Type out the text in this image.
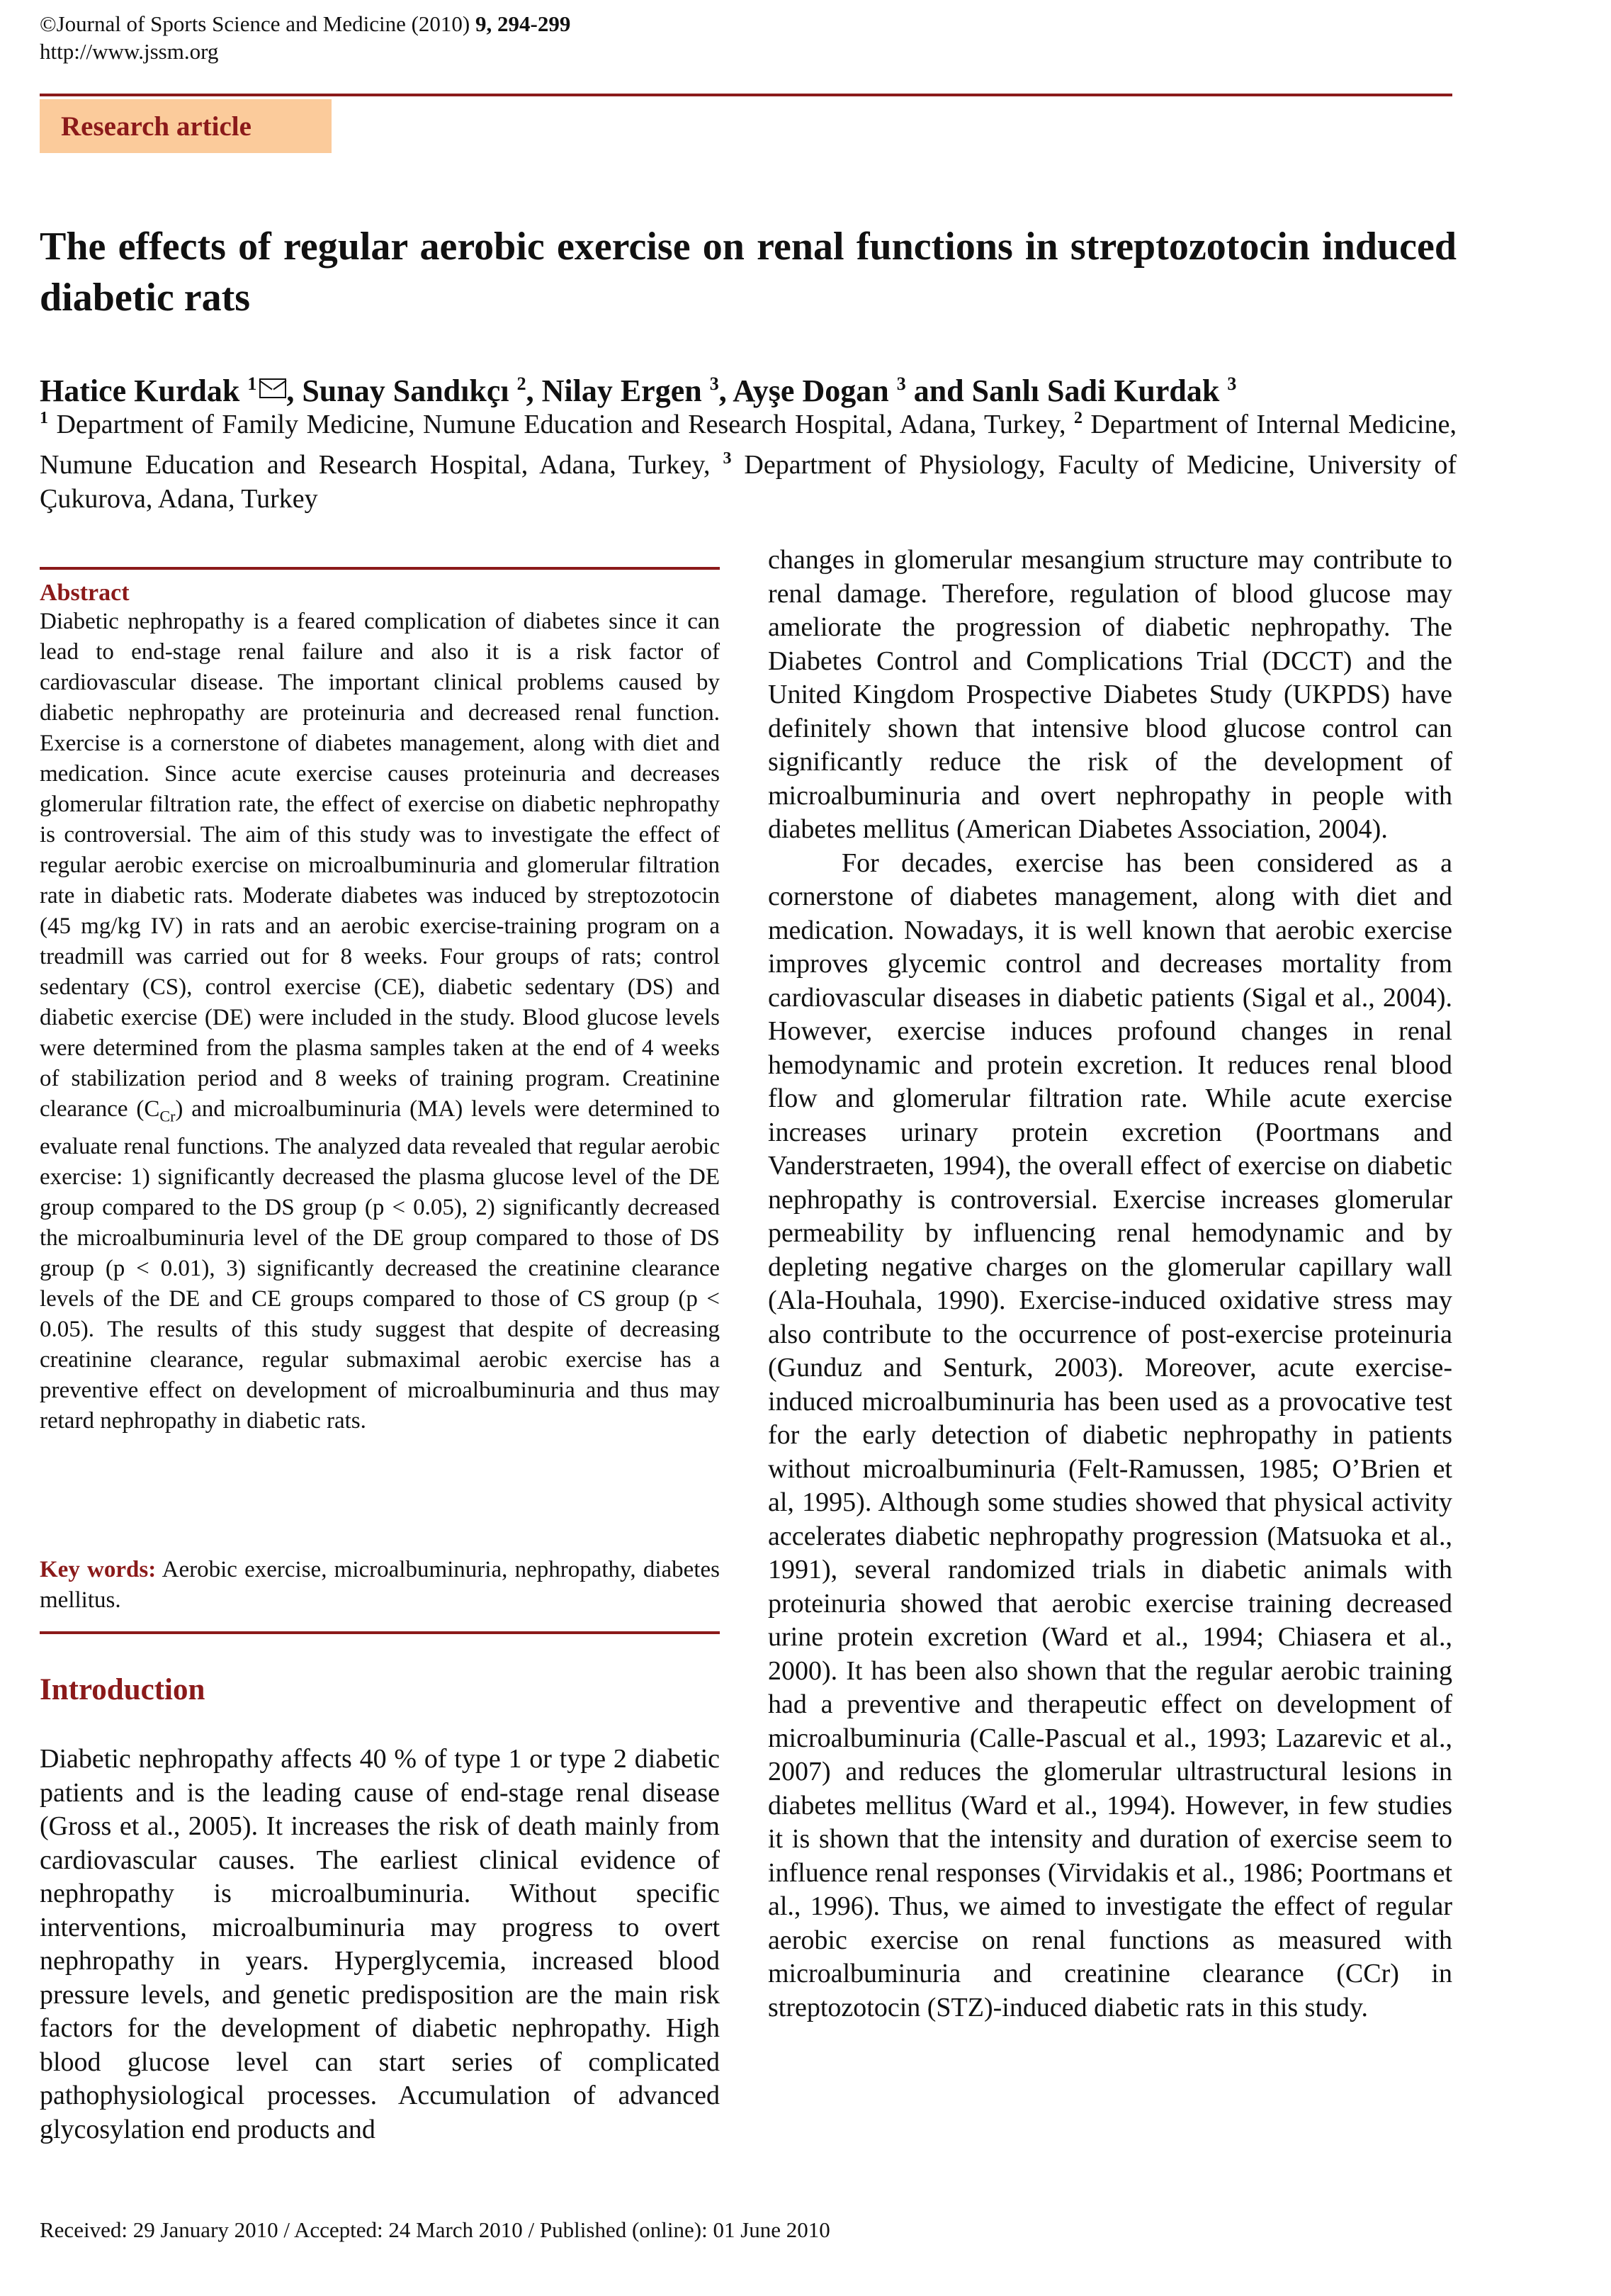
©Journal of Sports Science and Medicine (2010) 9, 294-299
http://www.jssm.org
Research article
The effects of regular aerobic exercise on renal functions in streptozotocin induced diabetic rats
Hatice Kurdak $^1$ , Sunay Sandıkçı $^2$, Nilay Ergen $^3$, Ayşe Dogan $^3$ and Sanlı Sadi Kurdak $^3$
$^1$ Department of Family Medicine, Numune Education and Research Hospital, Adana, Turkey, $^2$ Department of Internal Medicine, Numune Education and Research Hospital, Adana, Turkey, $^3$ Department of Physiology, Faculty of Medicine, University of Çukurova, Adana, Turkey
Abstract
Diabetic nephropathy is a feared complication of diabetes since it can lead to end-stage renal failure and also it is a risk factor of cardiovascular disease. The important clinical problems caused by diabetic nephropathy are proteinuria and decreased renal function. Exercise is a cornerstone of diabetes management, along with diet and medication. Since acute exercise causes proteinuria and decreases glomerular filtration rate, the effect of exercise on diabetic nephropathy is controversial. The aim of this study was to investigate the effect of regular aerobic exercise on microalbuminuria and glomerular filtration rate in diabetic rats. Moderate diabetes was induced by streptozotocin (45 mg/kg IV) in rats and an aerobic exercise-training program on a treadmill was carried out for 8 weeks. Four groups of rats; control sedentary (CS), control exercise (CE), diabetic sedentary (DS) and diabetic exercise (DE) were included in the study. Blood glucose levels were determined from the plasma samples taken at the end of 4 weeks of stabilization period and 8 weeks of training program. Creatinine clearance $(C_{Cr})$ and microalbuminuria (MA) levels were determined to evaluate renal functions. The analyzed data revealed that regular aerobic exercise: 1) significantly decreased the plasma glucose level of the DE group compared to the DS group (p < 0.05), 2) significantly decreased the microalbuminuria level of the DE group compared to those of DS group (p < 0.01), 3) significantly decreased the creatinine clearance levels of the DE and CE groups compared to those of CS group (p < 0.05). The results of this study suggest that despite of decreasing creatinine clearance, regular submaximal aerobic exercise has a preventive effect on development of microalbuminuria and thus may retard nephropathy in diabetic rats.
Key words: Aerobic exercise, microalbuminuria, nephropathy, diabetes mellitus.
Introduction

Diabetic nephropathy affects 40 % of type 1 or type 2 diabetic patients and is the leading cause of end-stage renal disease (Gross et al., 2005). It increases the risk of death mainly from cardiovascular causes. The earliest clinical evidence of nephropathy is microalbuminuria. Without specific interventions, microalbuminuria may progress to overt nephropathy in years. Hyperglycemia, increased blood pressure levels, and genetic predisposition are the main risk factors for the development of diabetic nephropathy. High blood glucose level can start series of complicated pathophysiological processes. Accumulation of advanced glycosylation end products and

changes in glomerular mesangium structure may contribute to renal damage. Therefore, regulation of blood glucose may ameliorate the progression of diabetic nephropathy. The Diabetes Control and Complications Trial (DCCT) and the United Kingdom Prospective Diabetes Study (UKPDS) have definitely shown that intensive blood glucose control can significantly reduce the risk of the development of microalbuminuria and overt nephropathy in people with diabetes mellitus (American Diabetes Association, 2004).

For decades, exercise has been considered as a cornerstone of diabetes management, along with diet and medication. Nowadays, it is well known that aerobic exercise improves glycemic control and decreases mortality from cardiovascular diseases in diabetic patients (Sigal et al., 2004). However, exercise induces profound changes in renal hemodynamic and protein excretion. It reduces renal blood flow and glomerular filtration rate. While acute exercise increases urinary protein excretion (Poortmans and Vanderstraeten, 1994), the overall effect of exercise on diabetic nephropathy is controversial. Exercise increases glomerular permeability by influencing renal hemodynamic and by depleting negative charges on the glomerular capillary wall (Ala-Houhala, 1990). Exercise-induced oxidative stress may also contribute to the occurrence of post-exercise proteinuria (Gunduz and Senturk, 2003). Moreover, acute exercise-induced microalbuminuria has been used as a provocative test for the early detection of diabetic nephropathy in patients without microalbuminuria (Felt-Ramussen, 1985; O’Brien et al, 1995). Although some studies showed that physical activity accelerates diabetic nephropathy progression (Matsuoka et al., 1991), several randomized trials in diabetic animals with proteinuria showed that aerobic exercise training decreased urine protein excretion (Ward et al., 1994; Chiasera et al., 2000). It has been also shown that the regular aerobic training had a preventive and therapeutic effect on development of microalbuminuria (Calle-Pascual et al., 1993; Lazarevic et al., 2007) and reduces the glomerular ultrastructural lesions in diabetes mellitus (Ward et al., 1994). However, in few studies it is shown that the intensity and duration of exercise seem to influence renal responses (Virvidakis et al., 1986; Poortmans et al., 1996). Thus, we aimed to investigate the effect of regular aerobic exercise on renal functions as measured with microalbuminuria and creatinine clearance (CCr) in streptozotocin (STZ)-induced diabetic rats in this study.

Received: 29 January 2010 / Accepted: 24 March 2010 / Published (online): 01 June 2010
